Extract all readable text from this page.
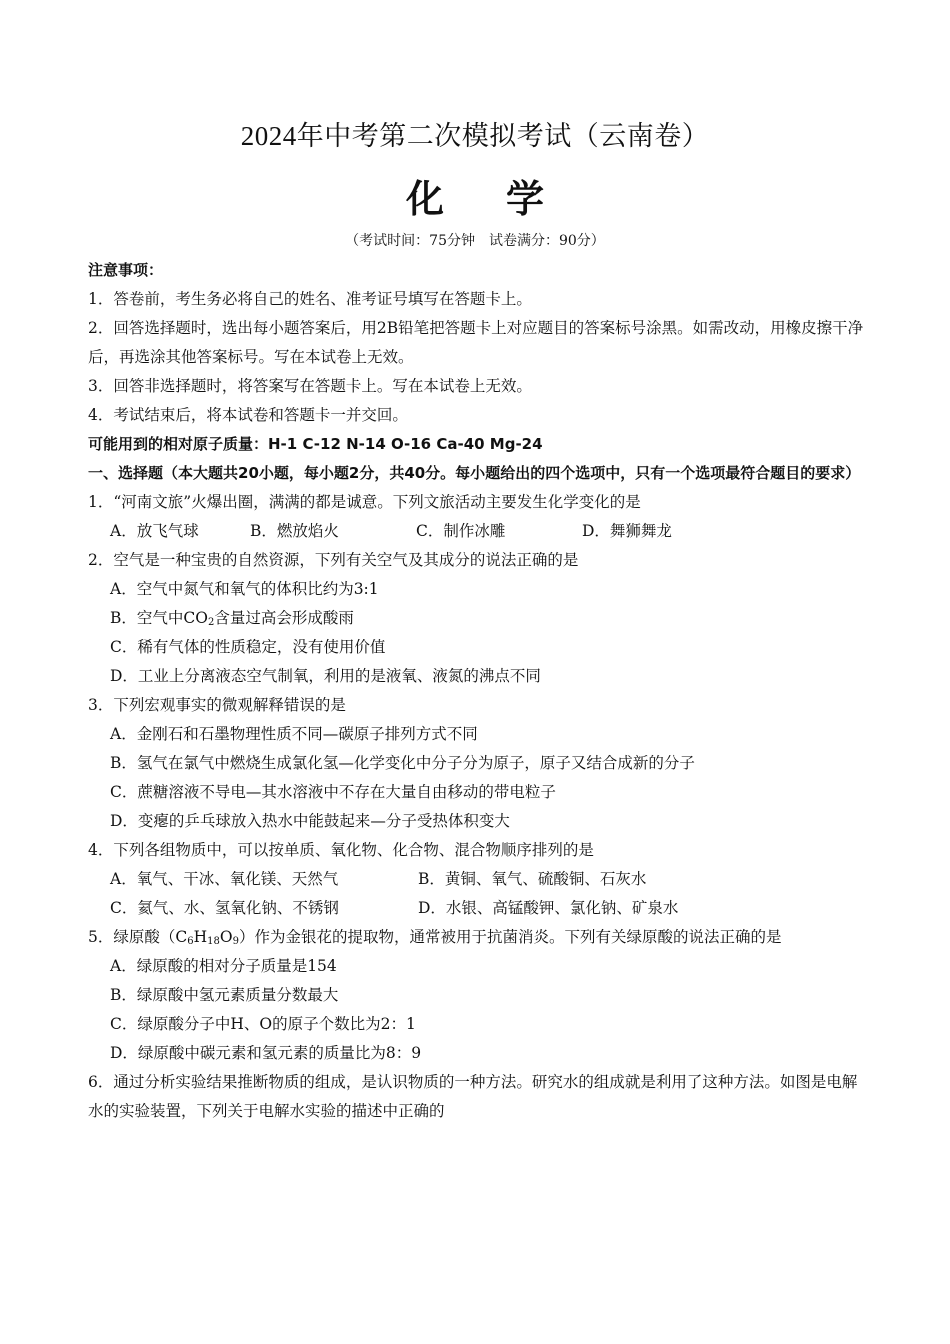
2024年中考第二次模拟考试（云南卷）
化学
（考试时间：75分钟　试卷满分：90分）
注意事项：
1．答卷前，考生务必将自己的姓名、准考证号填写在答题卡上。
2．回答选择题时，选出每小题答案后，用2B铅笔把答题卡上对应题目的答案标号涂黑。如需改动，用橡皮擦干净后，再选涂其他答案标号。写在本试卷上无效。
3．回答非选择题时，将答案写在答题卡上。写在本试卷上无效。
4．考试结束后，将本试卷和答题卡一并交回。
可能用到的相对原子质量：H-1 C-12 N-14 O-16 Ca-40 Mg-24
一、选择题（本大题共20小题，每小题2分，共40分。每小题给出的四个选项中，只有一个选项最符合题目的要求）
1．“河南文旅”火爆出圈，满满的都是诚意。下列文旅活动主要发生化学变化的是
A．放飞气球	B．燃放焰火	C．制作冰雕	D．舞狮舞龙
2．空气是一种宝贵的自然资源，下列有关空气及其成分的说法正确的是
A．空气中氮气和氧气的体积比约为3:1
B．空气中$CO_2$含量过高会形成酸雨
C．稀有气体的性质稳定，没有使用价值
D．工业上分离液态空气制氧，利用的是液氧、液氮的沸点不同
3．下列宏观事实的微观解释错误的是
A．金刚石和石墨物理性质不同—碳原子排列方式不同
B．氢气在氯气中燃烧生成氯化氢—化学变化中分子分为原子，原子又结合成新的分子
C．蔗糖溶液不导电—其水溶液中不存在大量自由移动的带电粒子
D．变瘪的乒乓球放入热水中能鼓起来—分子受热体积变大
4．下列各组物质中，可以按单质、氧化物、化合物、混合物顺序排列的是
A．氧气、干冰、氧化镁、天然气	B．黄铜、氧气、硫酸铜、石灰水
C．氦气、水、氢氧化钠、不锈钢	D．水银、高锰酸钾、氯化钠、矿泉水
5．绿原酸$(C_6H_{18}O_9)$作为金银花的提取物，通常被用于抗菌消炎。下列有关绿原酸的说法正确的是
A．绿原酸的相对分子质量是154
B．绿原酸中氢元素质量分数最大
C．绿原酸分子中H、O的原子个数比为2：1
D．绿原酸中碳元素和氢元素的质量比为8：9
6．通过分析实验结果推断物质的组成，是认识物质的一种方法。研究水的组成就是利用了这种方法。如图是电解水的实验装置，下列关于电解水实验的描述中正确的
